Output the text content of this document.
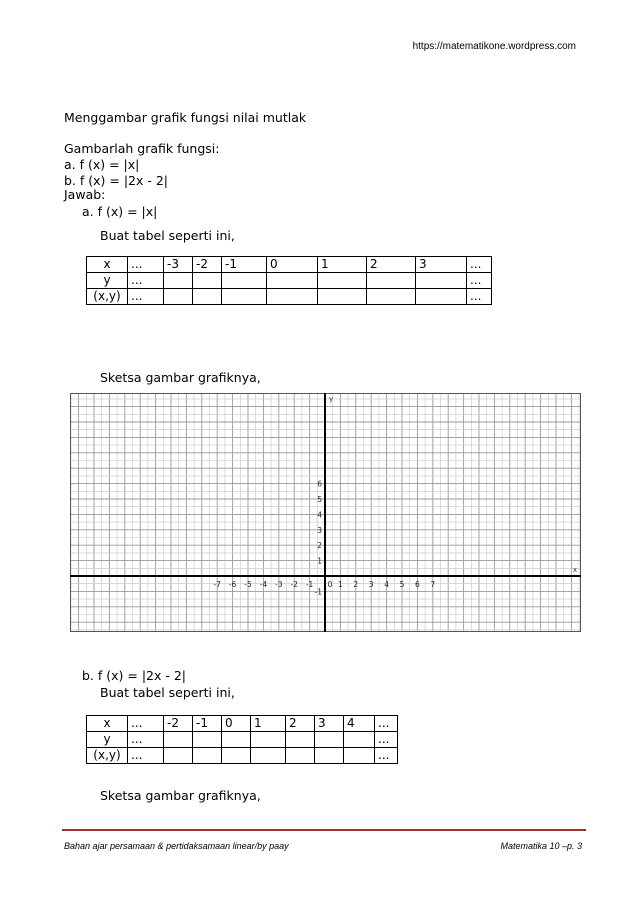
https://matematikone.wordpress.com
Menggambar grafik fungsi nilai mutlak
Gambarlah grafik fungsi:
a. f (x) = |x|
b. f (x) = |2x - 2|
Jawab:
a. f (x) = |x|
Buat tabel seperti ini,
x	...	-3	-2	-1	0	1	2	3	...
y	...								...
(x,y)	...								...
Sketsa gambar grafiknya,
-7 -6 -5 -4 -3 -2 -1 0 1 2 3 4 5 6 7
1
2
3
4
5
6
-1
x
y
b. f (x) = |2x - 2|
Buat tabel seperti ini,
x	...	-2	-1	0	1	2	3	4	...
y	...								...
(x,y)	...								...
Sketsa gambar grafiknya,
Bahan ajar persamaan & pertidaksamaan linear/by paay	Matematika 10 –p. 3
